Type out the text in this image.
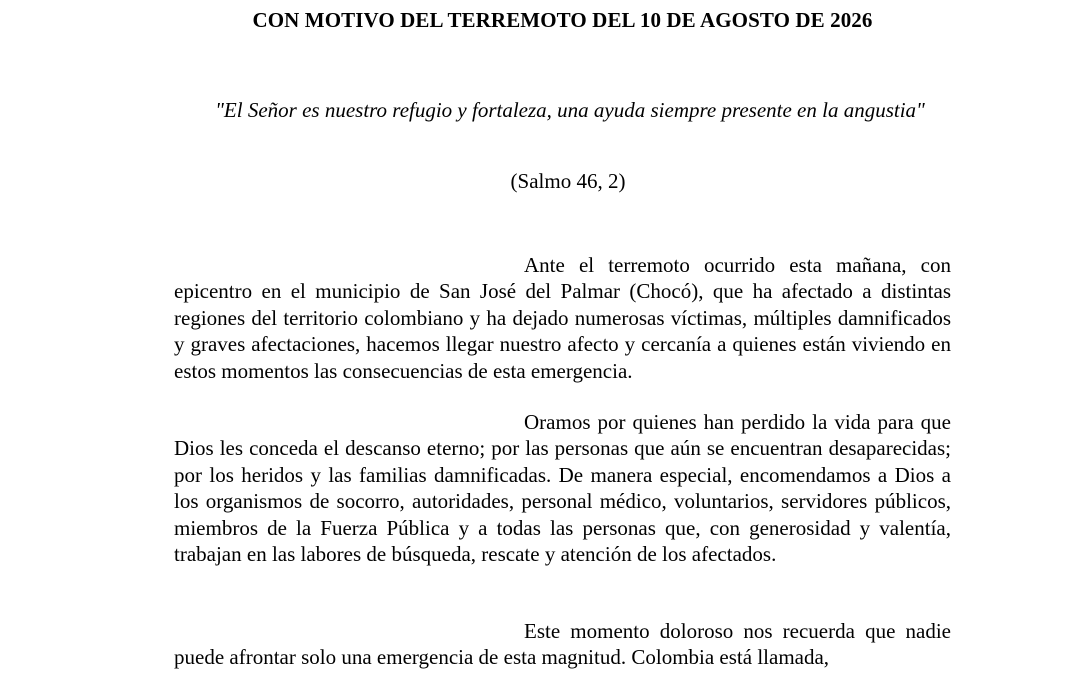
CON MOTIVO DEL TERREMOTO DEL 10 DE AGOSTO DE 2026
"El Señor es nuestro refugio y fortaleza, una ayuda siempre presente en la angustia"
(Salmo 46, 2)

Ante el terremoto ocurrido esta mañana, con epicentro en el municipio de San José del Palmar (Chocó), que ha afectado a distintas regiones del territorio colombiano y ha dejado numerosas víctimas, múltiples damnificados y graves afectaciones, hacemos llegar nuestro afecto y cercanía a quienes están viviendo en estos momentos las consecuencias de esta emergencia.

Oramos por quienes han perdido la vida para que Dios les conceda el descanso eterno; por las personas que aún se encuentran desaparecidas; por los heridos y las familias damnificadas. De manera especial, encomendamos a Dios a los organismos de socorro, autoridades, personal médico, voluntarios, servidores públicos, miembros de la Fuerza Pública y a todas las personas que, con generosidad y valentía, trabajan en las labores de búsqueda, rescate y atención de los afectados.

Este momento doloroso nos recuerda que nadie puede afrontar solo una emergencia de esta magnitud. Colombia está llamada,
